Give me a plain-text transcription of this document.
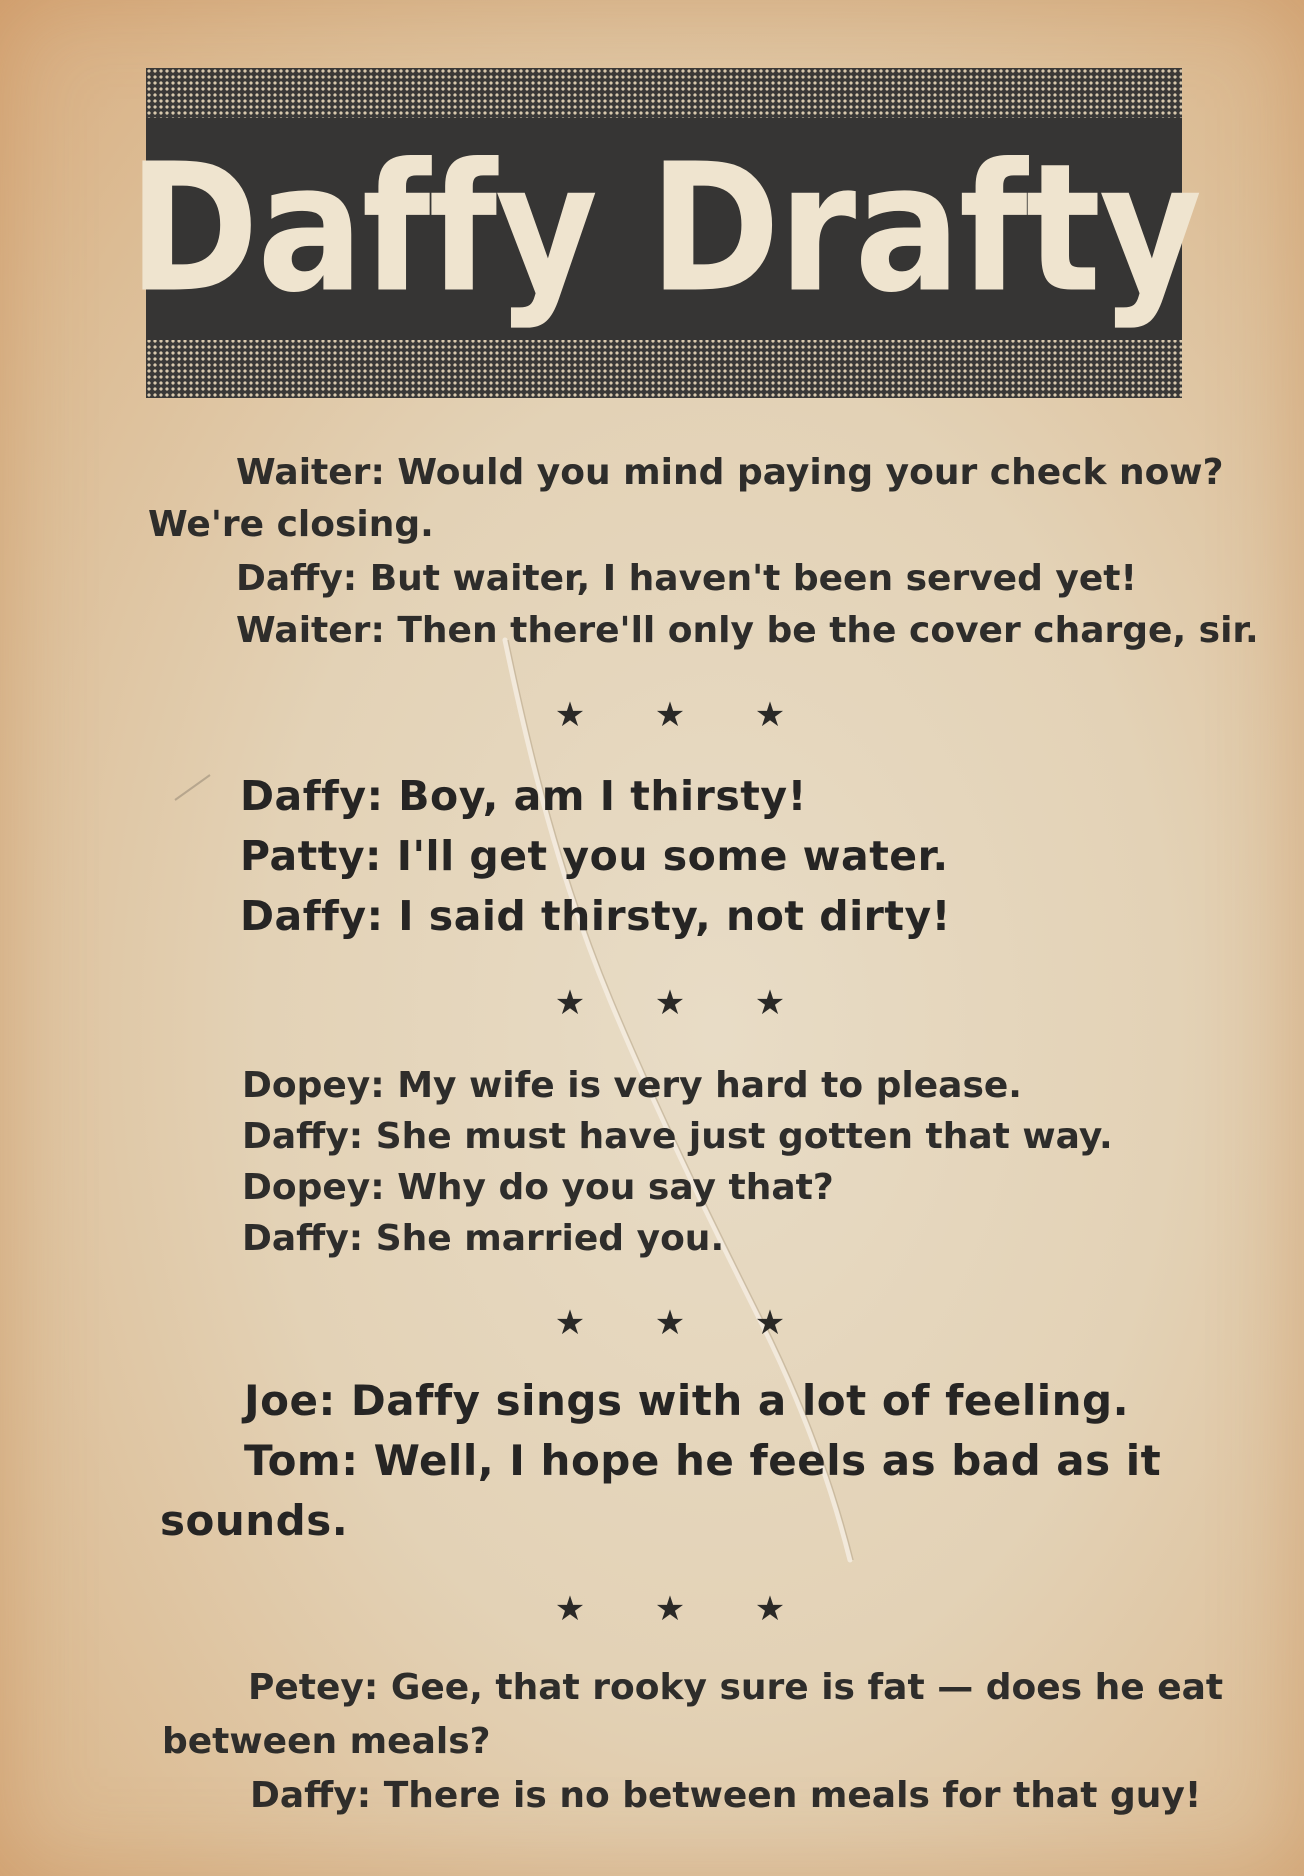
Daffy Drafty
Waiter: Would you mind paying your check now?
We're closing.
Daffy: But waiter, I haven't been served yet!
Waiter: Then there'll only be the cover charge, sir.
★ ★ ★
Daffy: Boy, am I thirsty!
Patty: I'll get you some water.
Daffy: I said thirsty, not dirty!
★ ★ ★
Dopey: My wife is very hard to please.
Daffy: She must have just gotten that way.
Dopey: Why do you say that?
Daffy: She married you.
★ ★ ★
Joe: Daffy sings with a lot of feeling.
Tom: Well, I hope he feels as bad as it
sounds.
★ ★ ★
Petey: Gee, that rooky sure is fat — does he eat
between meals?
Daffy: There is no between meals for that guy!
